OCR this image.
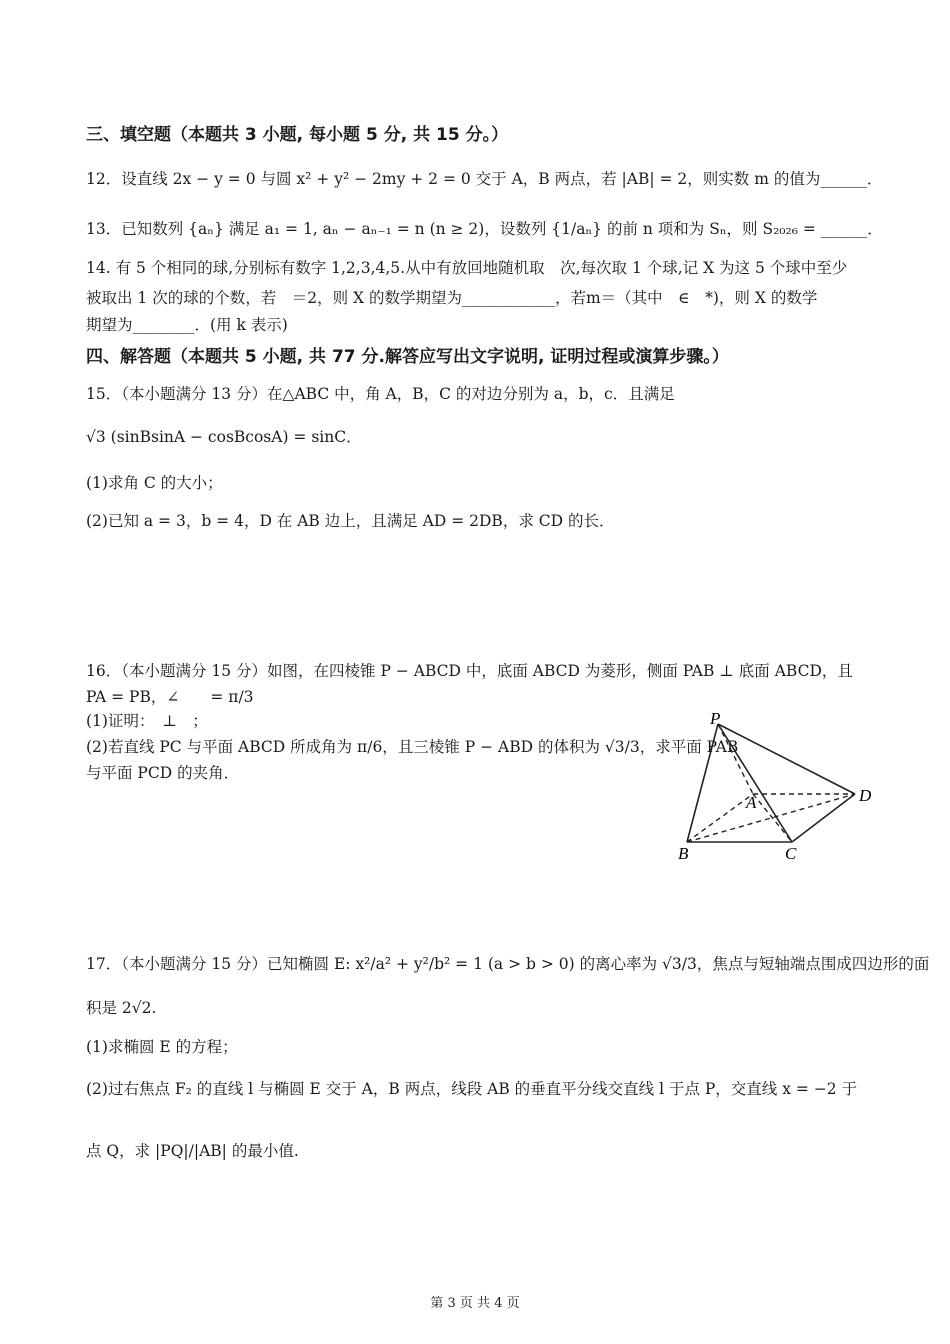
三、填空题（本题共 3 小题, 每小题 5 分, 共 15 分。）
12．设直线 2x − y = 0 与圆 x² + y² − 2my + 2 = 0 交于 A，B 两点，若 |AB| = 2，则实数 m 的值为______．
13．已知数列 {aₙ} 满足 a₁ = 1, aₙ − aₙ₋₁ = n (n ≥ 2)，设数列 {1/aₙ} 的前 n 项和为 Sₙ，则 S₂₀₂₆ = ______．
14. 有 5 个相同的球,分别标有数字 1,2,3,4,5.从中有放回地随机取　次,每次取 1 个球,记 X 为这 5 个球中至少
被取出 1 次的球的个数，若　＝2，则 X 的数学期望为____________，若m＝（其中　∈　*)，则 X 的数学
期望为________．(用 k 表示)
四、解答题（本题共 5 小题, 共 77 分.解答应写出文字说明, 证明过程或演算步骤。）
15．（本小题满分 13 分）在△ABC 中，角 A，B，C 的对边分别为 a，b，c．且满足
√3 (sinBsinA − cosBcosA) = sinC．
(1)求角 C 的大小；
(2)已知 a = 3，b = 4，D 在 AB 边上，且满足 AD = 2DB，求 CD 的长．
16．（本小题满分 15 分）如图，在四棱锥 P − ABCD 中，底面 ABCD 为菱形，侧面 PAB ⊥ 底面 ABCD，且
PA = PB，∠　　= π/3
(1)证明：　⊥　；
(2)若直线 PC 与平面 ABCD 所成角为 π/6，且三棱锥 P − ABD 的体积为 √3/3，求平面 PAB
与平面 PCD 的夹角．
P
A
B	C
D
17．（本小题满分 15 分）已知椭圆 E: x²/a² + y²/b² = 1 (a > b > 0) 的离心率为 √3/3，焦点与短轴端点围成四边形的面
积是 2√2.
(1)求椭圆 E 的方程；
(2)过右焦点 F₂ 的直线 l 与椭圆 E 交于 A，B 两点，线段 AB 的垂直平分线交直线 l 于点 P，交直线 x = −2 于
点 Q，求 |PQ|/|AB| 的最小值.
第 3 页 共 4 页
